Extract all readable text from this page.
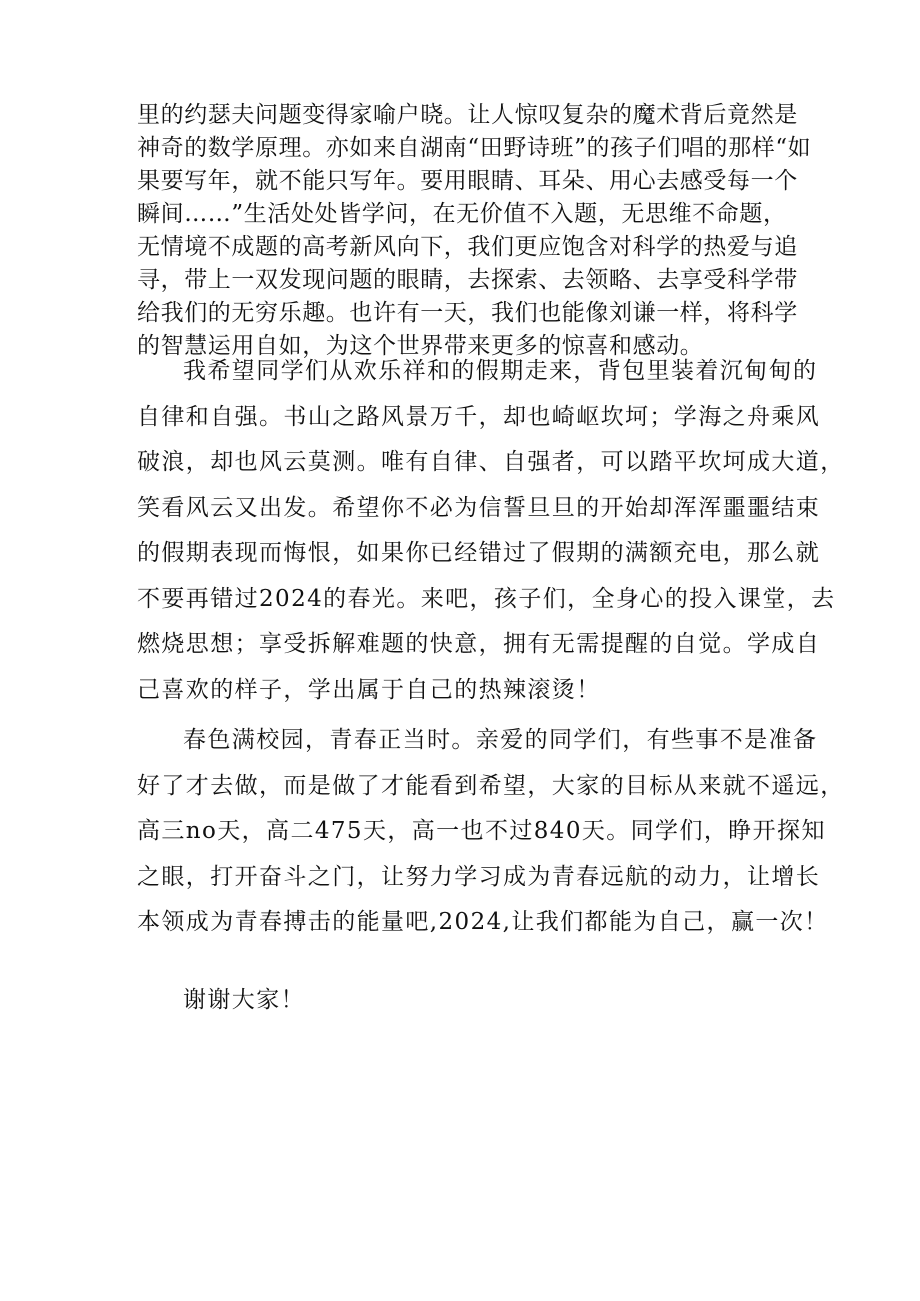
里的约瑟夫问题变得家喻户晓。让人惊叹复杂的魔术背后竟然是
神奇的数学原理。亦如来自湖南“田野诗班”的孩子们唱的那样“如
果要写年，就不能只写年。要用眼睛、耳朵、用心去感受每一个
瞬间……”生活处处皆学问，在无价值不入题，无思维不命题，
无情境不成题的高考新风向下，我们更应饱含对科学的热爱与追
寻，带上一双发现问题的眼睛，去探索、去领略、去享受科学带
给我们的无穷乐趣。也许有一天，我们也能像刘谦一样，将科学
的智慧运用自如，为这个世界带来更多的惊喜和感动。

我希望同学们从欢乐祥和的假期走来，背包里装着沉甸甸的
自律和自强。书山之路风景万千，却也崎岖坎坷；学海之舟乘风
破浪，却也风云莫测。唯有自律、自强者，可以踏平坎坷成大道，
笑看风云又出发。希望你不必为信誓旦旦的开始却浑浑噩噩结束
的假期表现而悔恨，如果你已经错过了假期的满额充电，那么就
不要再错过2024的春光。来吧，孩子们，全身心的投入课堂，去
燃烧思想；享受拆解难题的快意，拥有无需提醒的自觉。学成自
己喜欢的样子，学出属于自己的热辣滚烫！

春色满校园，青春正当时。亲爱的同学们，有些事不是准备
好了才去做，而是做了才能看到希望，大家的目标从来就不遥远，
高三no天，高二475天，高一也不过840天。同学们，睁开探知
之眼，打开奋斗之门，让努力学习成为青春远航的动力，让增长
本领成为青春搏击的能量吧,2024,让我们都能为自己，赢一次！

谢谢大家！
